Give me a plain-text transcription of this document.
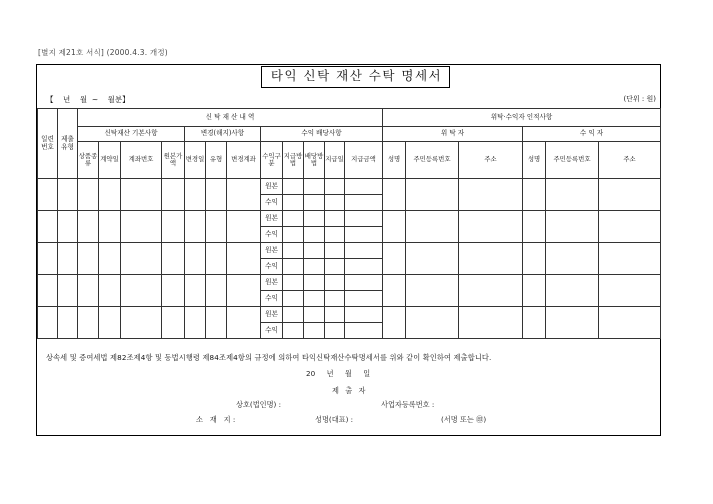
[별지 제21호 서식] (2000.4.3. 개정)
타익 신탁 재산 수탁 명세서
【    년    월  ~    월분】	(단위 : 원)
일련번호	제출유형	신 탁 재 산 내 역												위탁·수익자 인적사항					
		신탁재산 기본사항				변경(해지)사항			수익 배당사항					위 탁 자			수 익 자		
		상품종류	계약일	계좌번호	원본가액	변경일	유형	변경계좌	수익구분	지급방법	배당방법	지급일	지급금액	성명	주민등록번호	주소	성명	주민등록번호	주소
									원본										
									수익										
									원본										
									수익										
									원본										
									수익										
									원본										
									수익										
									원본										
									수익										
상속세 및 증여세법 제82조제4항 및 동법시행령 제84조제4항의 규정에 의하여 타익신탁재산수탁명세서를 위와 같이 확인하여 제출합니다.
20     년     월     일
제 출 자
상호(법인명) :	사업자등록번호 :
소   재   지 :	성명(대표) :	(서명 또는 ㊞)
